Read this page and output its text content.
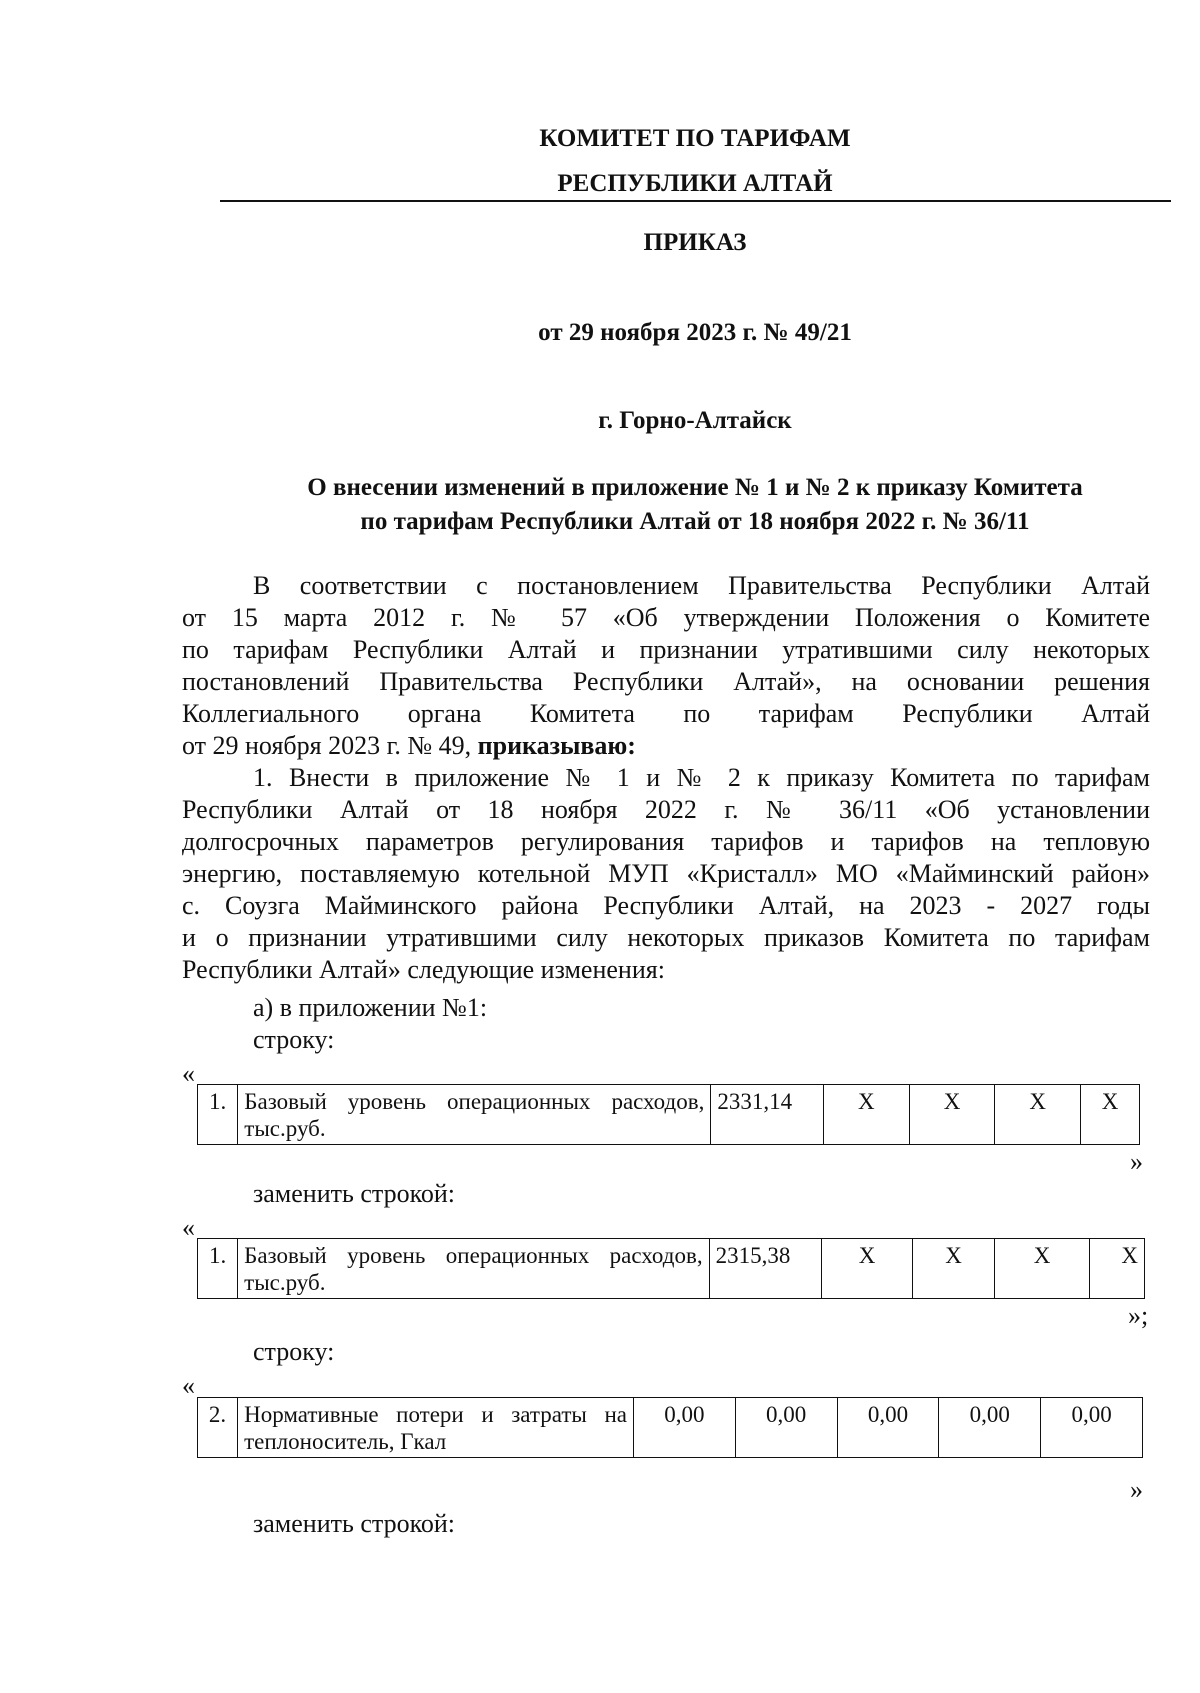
КОМИТЕТ ПО ТАРИФАМ
РЕСПУБЛИКИ АЛТАЙ
ПРИКАЗ
от 29 ноября 2023 г. № 49/21
г. Горно-Алтайск
О внесении изменений в приложение № 1 и № 2 к приказу Комитета
по тарифам Республики Алтай от 18 ноября 2022 г. № 36/11
В соответствии с постановлением Правительства Республики Алтай
от 15 марта 2012 г. № 57 «Об утверждении Положения о Комитете
по тарифам Республики Алтай и признании утратившими силу некоторых
постановлений Правительства Республики Алтай», на основании решения
Коллегиального органа Комитета по тарифам Республики Алтай
от 29 ноября 2023 г. № 49, приказываю:
1. Внести в приложение № 1 и № 2 к приказу Комитета по тарифам
Республики Алтай от 18 ноября 2022 г. № 36/11 «Об установлении
долгосрочных параметров регулирования тарифов и тарифов на тепловую
энергию, поставляемую котельной МУП «Кристалл» МО «Майминский район»
с. Соузга Майминского района Республики Алтай, на 2023 - 2027 годы
и о признании утратившими силу некоторых приказов Комитета по тарифам
Республики Алтай» следующие изменения:
а) в приложении №1:
строку:
«
1.	Базовый уровень операционных расходов, тыс.руб.	2331,14	Х	Х	Х	Х
»
заменить строкой:
«
1.	Базовый уровень операционных расходов, тыс.руб.	2315,38	Х	Х	Х	Х
»;
строку:
«
2.	Нормативные потери и затраты на теплоноситель, Гкал	0,00	0,00	0,00	0,00	0,00
»
заменить строкой:
